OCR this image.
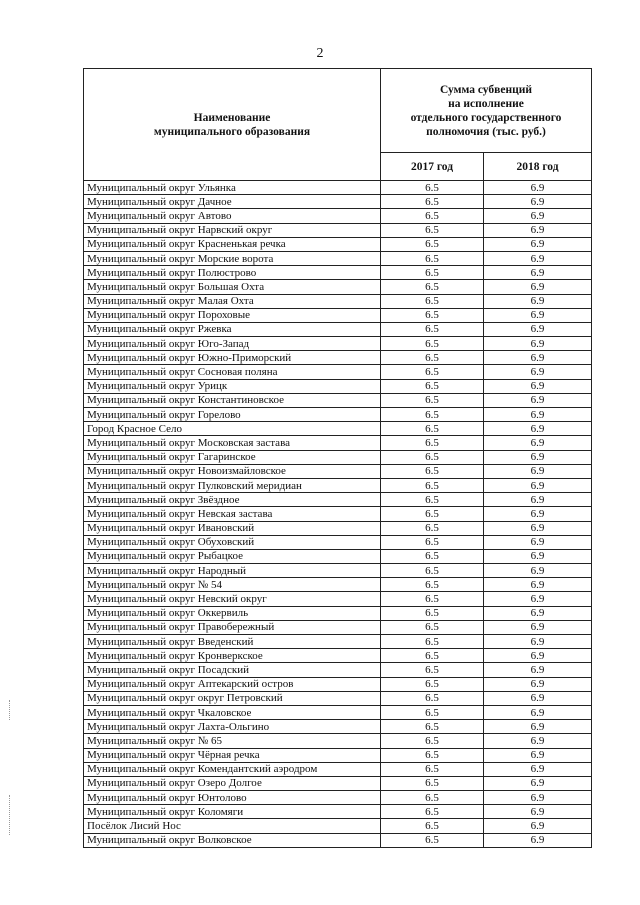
2
Наименование
муниципального образования	Сумма субвенций
на исполнение
отдельного государственного
полномочия (тыс. руб.)	

	2017 год	2018 год
Муниципальный округ Ульянка	6.5	6.9
Муниципальный округ Дачное	6.5	6.9
Муниципальный округ Автово	6.5	6.9
Муниципальный округ Нарвский округ	6.5	6.9
Муниципальный округ Красненькая речка	6.5	6.9
Муниципальный округ Морские ворота	6.5	6.9
Муниципальный округ Полюстрово	6.5	6.9
Муниципальный округ Большая Охта	6.5	6.9
Муниципальный округ Малая Охта	6.5	6.9
Муниципальный округ Пороховые	6.5	6.9
Муниципальный округ Ржевка	6.5	6.9
Муниципальный округ Юго-Запад	6.5	6.9
Муниципальный округ Южно-Приморский	6.5	6.9
Муниципальный округ Сосновая поляна	6.5	6.9
Муниципальный округ Урицк	6.5	6.9
Муниципальный округ Константиновское	6.5	6.9
Муниципальный округ Горелово	6.5	6.9
Город Красное Село	6.5	6.9
Муниципальный округ Московская застава	6.5	6.9
Муниципальный округ Гагаринское	6.5	6.9
Муниципальный округ Новоизмайловское	6.5	6.9
Муниципальный округ Пулковский меридиан	6.5	6.9
Муниципальный округ Звёздное	6.5	6.9
Муниципальный округ Невская застава	6.5	6.9
Муниципальный округ Ивановский	6.5	6.9
Муниципальный округ Обуховский	6.5	6.9
Муниципальный округ Рыбацкое	6.5	6.9
Муниципальный округ Народный	6.5	6.9
Муниципальный округ № 54	6.5	6.9
Муниципальный округ Невский округ	6.5	6.9
Муниципальный округ Оккервиль	6.5	6.9
Муниципальный округ Правобережный	6.5	6.9
Муниципальный округ Введенский	6.5	6.9
Муниципальный округ Кронверкское	6.5	6.9
Муниципальный округ Посадский	6.5	6.9
Муниципальный округ Аптекарский остров	6.5	6.9
Муниципальный округ округ Петровский	6.5	6.9
Муниципальный округ Чкаловское	6.5	6.9
Муниципальный округ Лахта-Ольгино	6.5	6.9
Муниципальный округ № 65	6.5	6.9
Муниципальный округ Чёрная речка	6.5	6.9
Муниципальный округ Комендантский аэродром	6.5	6.9
Муниципальный округ Озеро Долгое	6.5	6.9
Муниципальный округ Юнтолово	6.5	6.9
Муниципальный округ Коломяги	6.5	6.9
Посёлок Лисий Нос	6.5	6.9
Муниципальный округ Волковское	6.5	6.9
